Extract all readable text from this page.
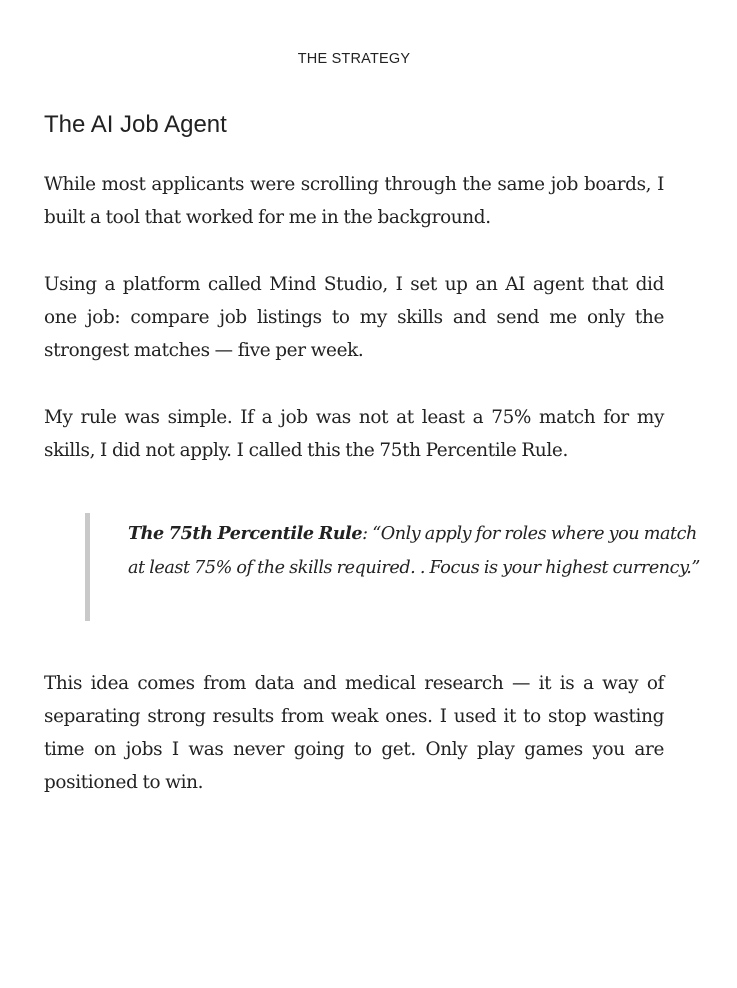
THE STRATEGY
The AI Job Agent

While most applicants were scrolling through the same job boards, I built a tool that worked for me in the background.

Using a platform called Mind Studio, I set up an AI agent that did one job: compare job listings to my skills and send me only the strongest matches — five per week.

My rule was simple. If a job was not at least a 75% match for my skills, I did not apply. I called this the 75th Percentile Rule.

The 75th Percentile Rule: “Only apply for roles where you match at least 75% of the skills required. . Focus is your highest currency.”

This idea comes from data and medical research — it is a way of separating strong results from weak ones. I used it to stop wasting time on jobs I was never going to get. Only play games you are positioned to win.
